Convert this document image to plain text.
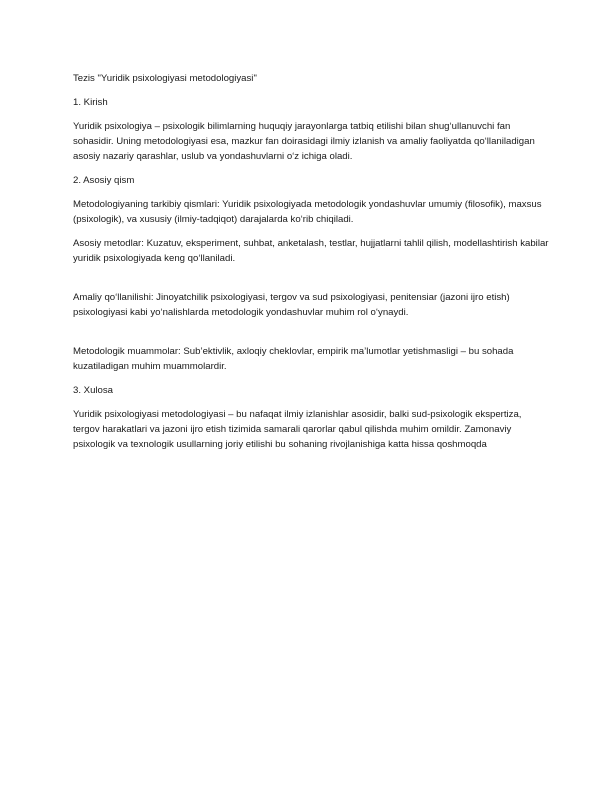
Tezis "Yuridik psixologiyasi metodologiyasi"

1. Kirish

Yuridik psixologiya – psixologik bilimlarning huquqiy jarayonlarga tatbiq etilishi bilan shug‘ullanuvchi fan sohasidir. Uning metodologiyasi esa, mazkur fan doirasidagi ilmiy izlanish va amaliy faoliyatda qo‘llaniladigan asosiy nazariy qarashlar, uslub va yondashuvlarni o‘z ichiga oladi.

2. Asosiy qism

Metodologiyaning tarkibiy qismlari: Yuridik psixologiyada metodologik yondashuvlar umumiy (filosofik), maxsus (psixologik), va xususiy (ilmiy-tadqiqot) darajalarda ko‘rib chiqiladi.

Asosiy metodlar: Kuzatuv, eksperiment, suhbat, anketalash, testlar, hujjatlarni tahlil qilish, modellashtirish kabilar yuridik psixologiyada keng qo‘llaniladi.

Amaliy qo‘llanilishi: Jinoyatchilik psixologiyasi, tergov va sud psixologiyasi, penitensiar (jazoni ijro etish) psixologiyasi kabi yo‘nalishlarda metodologik yondashuvlar muhim rol o‘ynaydi.

Metodologik muammolar: Sub’ektivlik, axloqiy cheklovlar, empirik ma’lumotlar yetishmasligi – bu sohada kuzatiladigan muhim muammolardir.

3. Xulosa

Yuridik psixologiyasi metodologiyasi – bu nafaqat ilmiy izlanishlar asosidir, balki sud-psixologik ekspertiza, tergov harakatlari va jazoni ijro etish tizimida samarali qarorlar qabul qilishda muhim omildir. Zamonaviy psixologik va texnologik usullarning joriy etilishi bu sohaning rivojlanishiga katta hissa qoshmoqda
